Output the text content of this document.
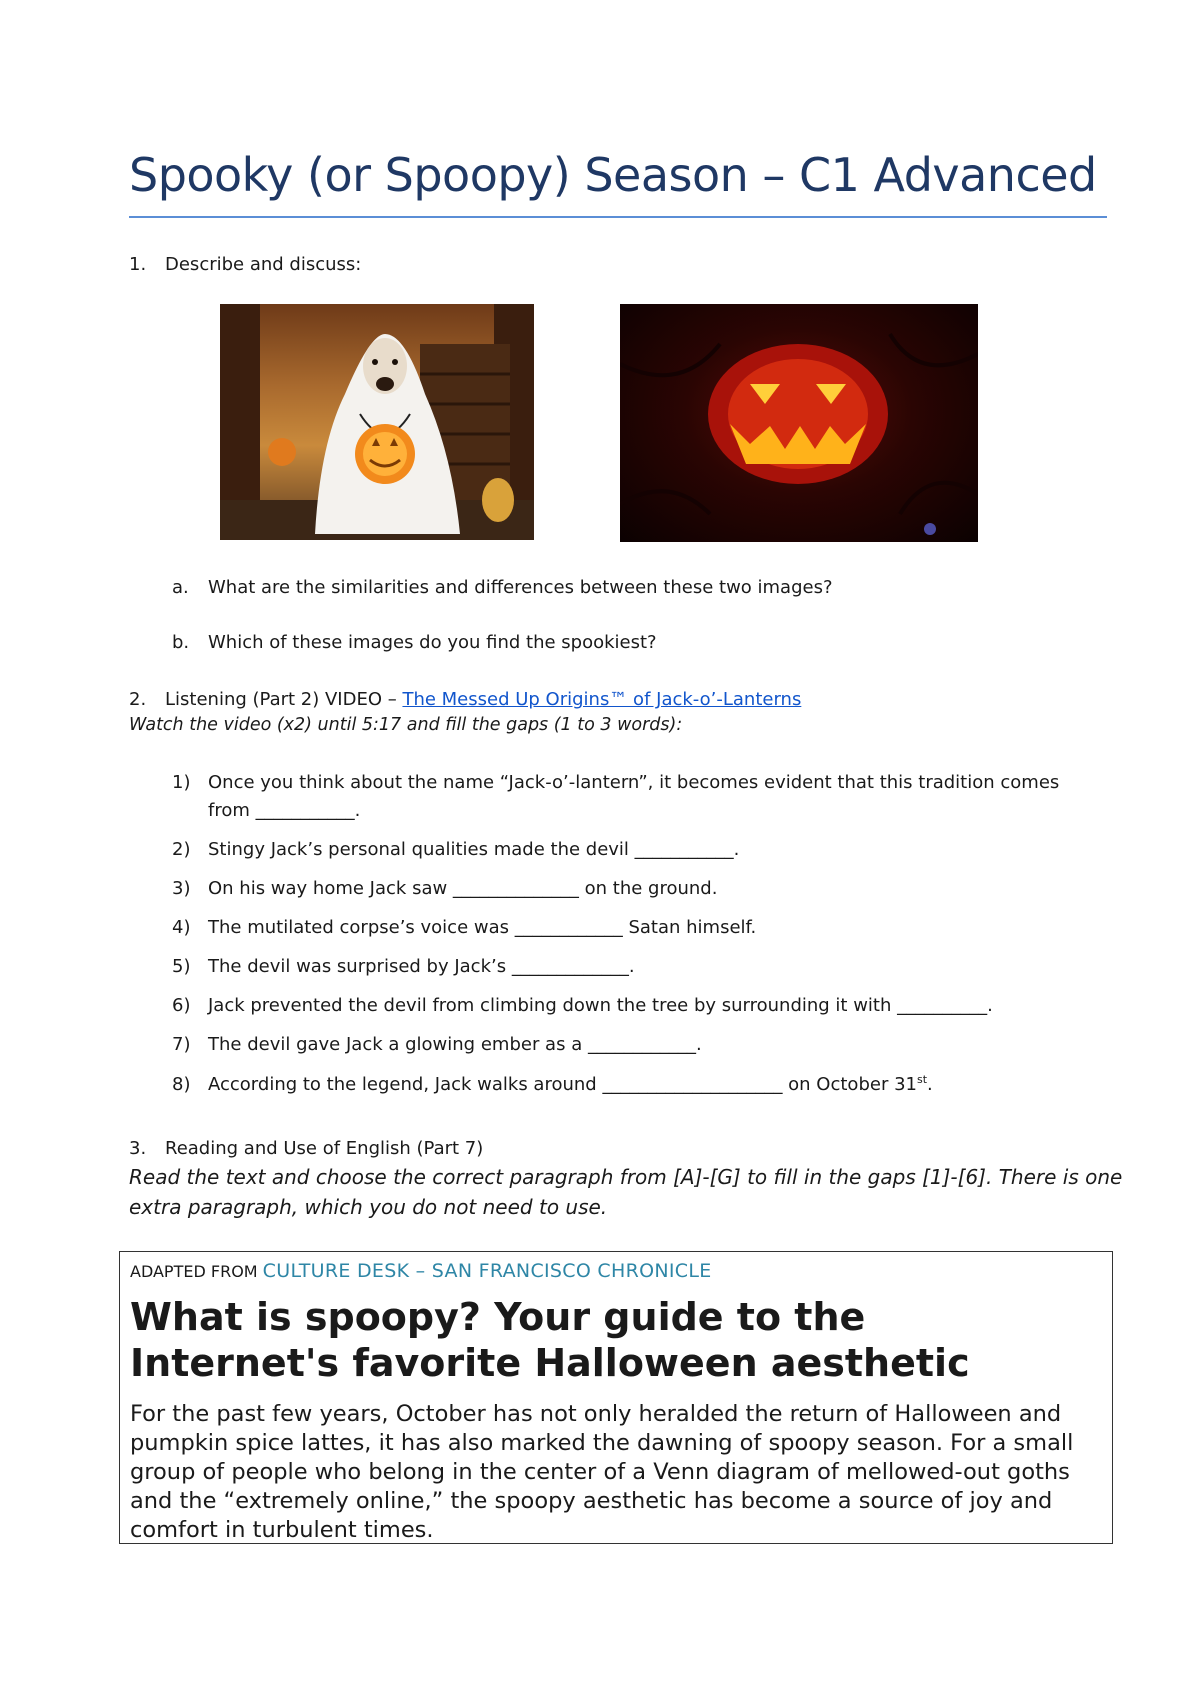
Spooky (or Spoopy) Season – C1 Advanced
1. Describe and discuss:
a. What are the similarities and differences between these two images?
b. Which of these images do you find the spookiest?
2. Listening (Part 2) VIDEO – The Messed Up Origins™ of Jack-o’-Lanterns
Watch the video (x2) until 5:17 and fill the gaps (1 to 3 words):
1) Once you think about the name “Jack-o’-lantern”, it becomes evident that this tradition comes
from ___________.
2) Stingy Jack’s personal qualities made the devil ___________.
3) On his way home Jack saw ______________ on the ground.
4) The mutilated corpse’s voice was ____________ Satan himself.
5) The devil was surprised by Jack’s _____________.
6) Jack prevented the devil from climbing down the tree by surrounding it with __________.
7) The devil gave Jack a glowing ember as a ____________.
8) According to the legend, Jack walks around ____________________ on October 31st.
3. Reading and Use of English (Part 7)
Read the text and choose the correct paragraph from [A]-[G] to fill in the gaps [1]-[6]. There is one
extra paragraph, which you do not need to use.
ADAPTED FROM CULTURE DESK – SAN FRANCISCO CHRONICLE
What is spoopy? Your guide to the
Internet's favorite Halloween aesthetic
For the past few years, October has not only heralded the return of Halloween and pumpkin spice lattes, it has also marked the dawning of spoopy season. For a small group of people who belong in the center of a Venn diagram of mellowed-out goths and the “extremely online,” the spoopy aesthetic has become a source of joy and comfort in turbulent times.
